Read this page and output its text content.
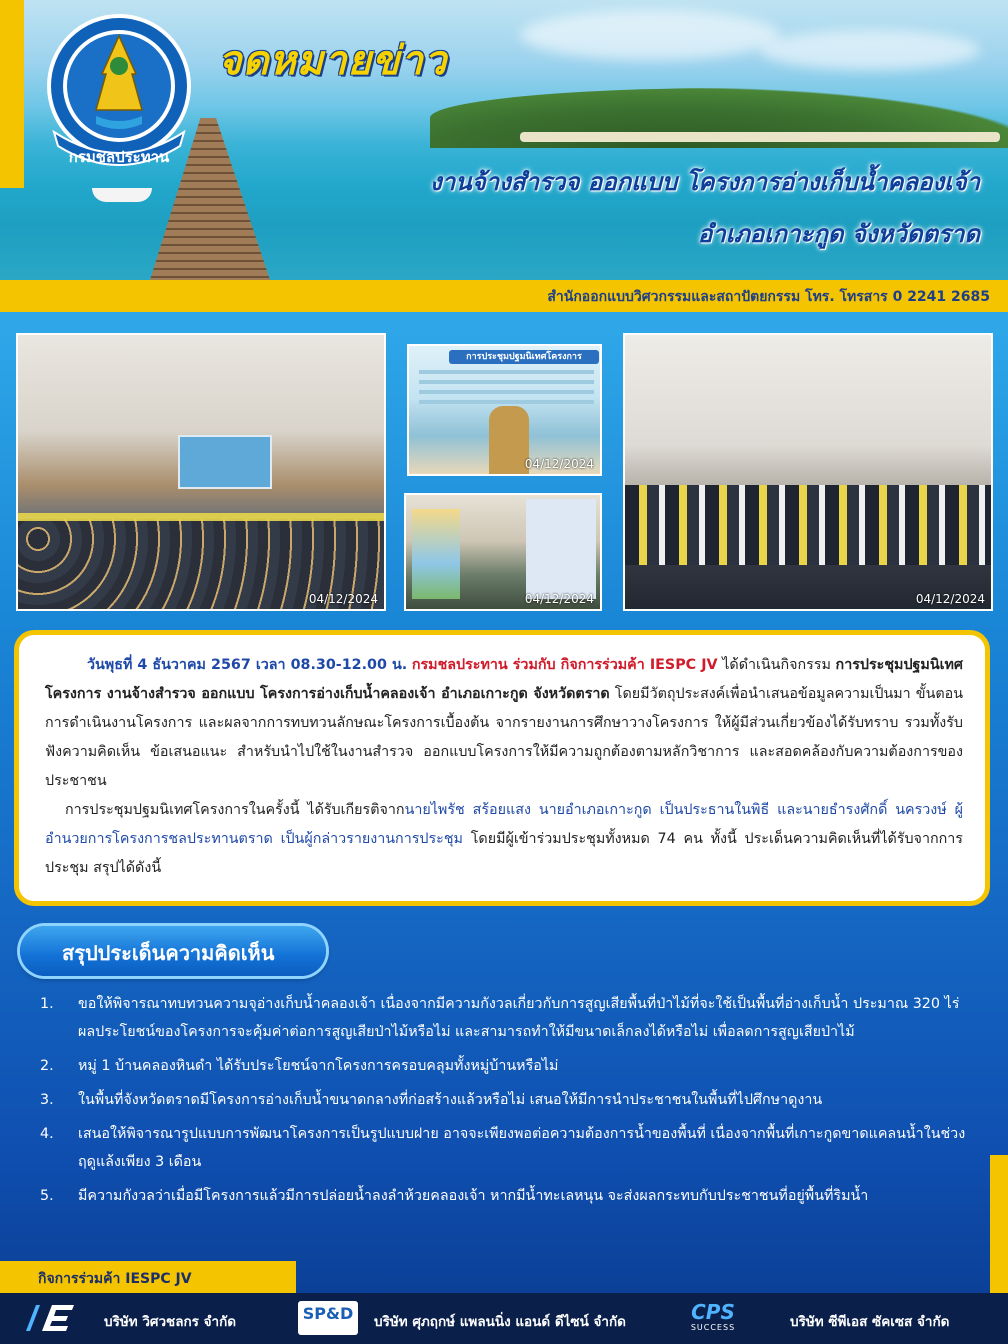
กรมชลประทาน
จดหมายข่าว
งานจ้างสำรวจ ออกแบบ โครงการอ่างเก็บน้ำคลองเจ้า
อำเภอเกาะกูด จังหวัดตราด
สำนักออกแบบวิศวกรรมและสถาปัตยกรรม โทร. โทรสาร 0 2241 2685
04/12/2024
การประชุมปฐมนิเทศโครงการ
04/12/2024
04/12/2024	04/12/2024

วันพุธที่ 4 ธันวาคม 2567 เวลา 08.30-12.00 น. กรมชลประทาน ร่วมกับ กิจการร่วมค้า IESPC JV ได้ดำเนินกิจกรรม การประชุมปฐมนิเทศโครงการ งานจ้างสำรวจ ออกแบบ โครงการอ่างเก็บน้ำคลองเจ้า อำเภอเกาะกูด จังหวัดตราด โดยมีวัตถุประสงค์เพื่อนำเสนอข้อมูลความเป็นมา ขั้นตอนการดำเนินงานโครงการ และผลจากการทบทวนลักษณะโครงการเบื้องต้น จากรายงานการศึกษาวางโครงการ ให้ผู้มีส่วนเกี่ยวข้องได้รับทราบ รวมทั้งรับฟังความคิดเห็น ข้อเสนอแนะ สำหรับนำไปใช้ในงานสำรวจ ออกแบบโครงการให้มีความถูกต้องตามหลักวิชาการ และสอดคล้องกับความต้องการของประชาชน

การประชุมปฐมนิเทศโครงการในครั้งนี้ ได้รับเกียรติจากนายไพรัช สร้อยแสง นายอำเภอเกาะกูด เป็นประธานในพิธี และนายธำรงศักดิ์ นครวงษ์ ผู้อำนวยการโครงการชลประทานตราด เป็นผู้กล่าวรายงานการประชุม โดยมีผู้เข้าร่วมประชุมทั้งหมด 74 คน ทั้งนี้ ประเด็นความคิดเห็นที่ได้รับจากการประชุม สรุปได้ดังนี้

สรุปประเด็นความคิดเห็น
1. ขอให้พิจารณาทบทวนความจุอ่างเก็บน้ำคลองเจ้า เนื่องจากมีความกังวลเกี่ยวกับการสูญเสียพื้นที่ป่าไม้ที่จะใช้เป็นพื้นที่อ่างเก็บน้ำ ประมาณ 320 ไร่ ผลประโยชน์ของโครงการจะคุ้มค่าต่อการสูญเสียป่าไม้หรือไม่ และสามารถทำให้มีขนาดเล็กลงได้หรือไม่ เพื่อลดการสูญเสียป่าไม้
2. หมู่ 1 บ้านคลองหินดำ ได้รับประโยชน์จากโครงการครอบคลุมทั้งหมู่บ้านหรือไม่
3. ในพื้นที่จังหวัดตราดมีโครงการอ่างเก็บน้ำขนาดกลางที่ก่อสร้างแล้วหรือไม่ เสนอให้มีการนำประชาชนในพื้นที่ไปศึกษาดูงาน
4. เสนอให้พิจารณารูปแบบการพัฒนาโครงการเป็นรูปแบบฝาย อาจจะเพียงพอต่อความต้องการน้ำของพื้นที่ เนื่องจากพื้นที่เกาะกูดขาดแคลนน้ำในช่วงฤดูแล้งเพียง 3 เดือน
5. มีความกังวลว่าเมื่อมีโครงการแล้วมีการปล่อยน้ำลงลำห้วยคลองเจ้า หากมีน้ำทะเลหนุน จะส่งผลกระทบกับประชาชนที่อยู่พื้นที่ริมน้ำ
กิจการร่วมค้า IESPC JV
บริษัท วิศวชลกร จำกัด	SP&D	บริษัท ศุภฤกษ์ แพลนนิ่ง แอนด์ ดีไซน์ จำกัด	CPS
SUCCESS	บริษัท ซีพีเอส ซัคเซส จำกัด
